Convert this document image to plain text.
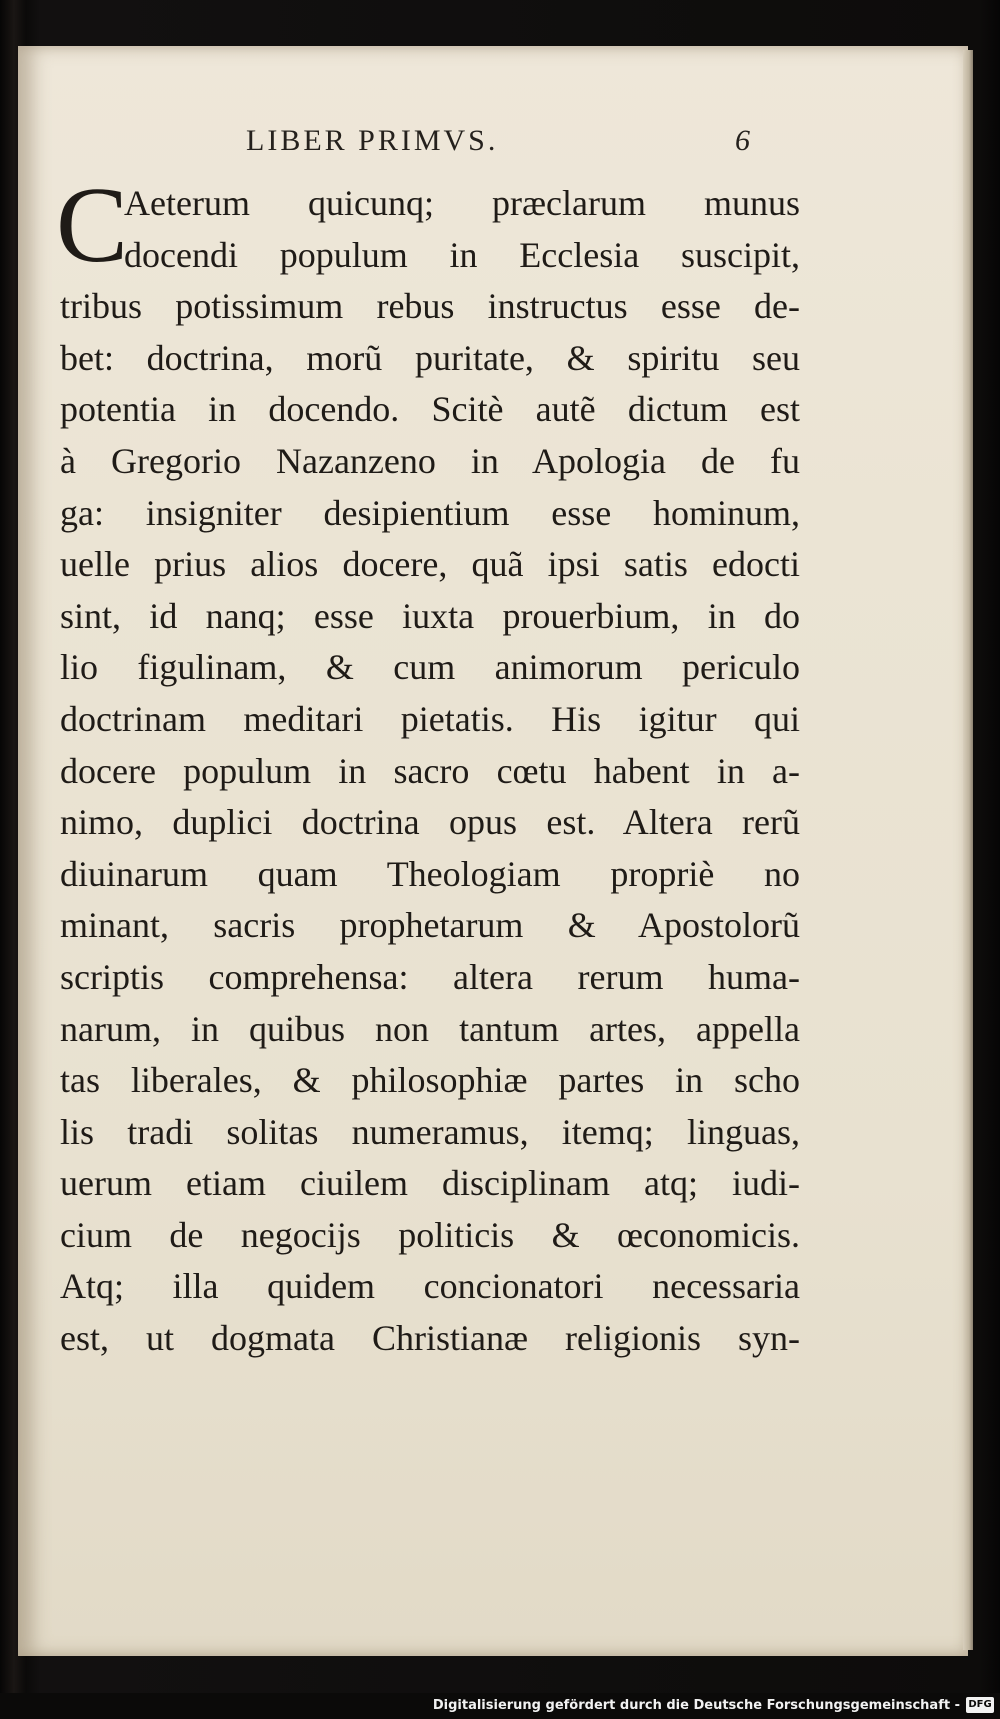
LIBER PRIMVS.	6
C
Aeterum quicunq; præclarum munus
docendi populum in Ecclesia suscipit,
tribus potissimum rebus instructus esse de-
bet: doctrina, morũ puritate, & spiritu seu
potentia in docendo. Scitè autẽ dictum est
à Gregorio Nazanzeno in Apologia de fu
ga: insigniter desipientium esse hominum,
uelle prius alios docere, quã ipsi satis edocti
sint, id nanq; esse iuxta prouerbium, in do
lio figulinam, & cum animorum periculo
doctrinam meditari pietatis. His igitur qui
docere populum in sacro cœtu habent in a-
nimo, duplici doctrina opus est. Altera rerũ
diuinarum quam Theologiam propriè no
minant, sacris prophetarum & Apostolorũ
scriptis comprehensa: altera rerum huma-
narum, in quibus non tantum artes, appella
tas liberales, & philosophiæ partes in scho
lis tradi solitas numeramus, itemq; linguas,
uerum etiam ciuilem disciplinam atq; iudi-
cium de negocijs politicis & œconomicis.
Atq; illa quidem concionatori necessaria
est, ut dogmata Christianæ religionis syn-
Digitalisierung gefördert durch die Deutsche Forschungsgemeinschaft - DFG
